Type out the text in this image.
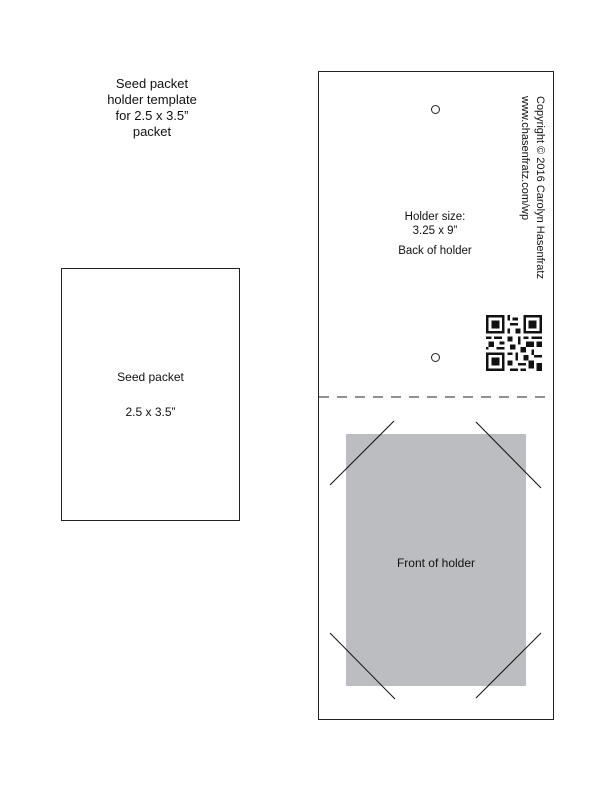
Seed packet
holder template
for 2.5 x 3.5”
packet
Seed packet
2.5 x 3.5”
Holder size:
3.25 x 9”
Back of holder	Copyright © 2016 Carolyn Hasenfratz
www.chasenfratz.com/wp
Front of holder
